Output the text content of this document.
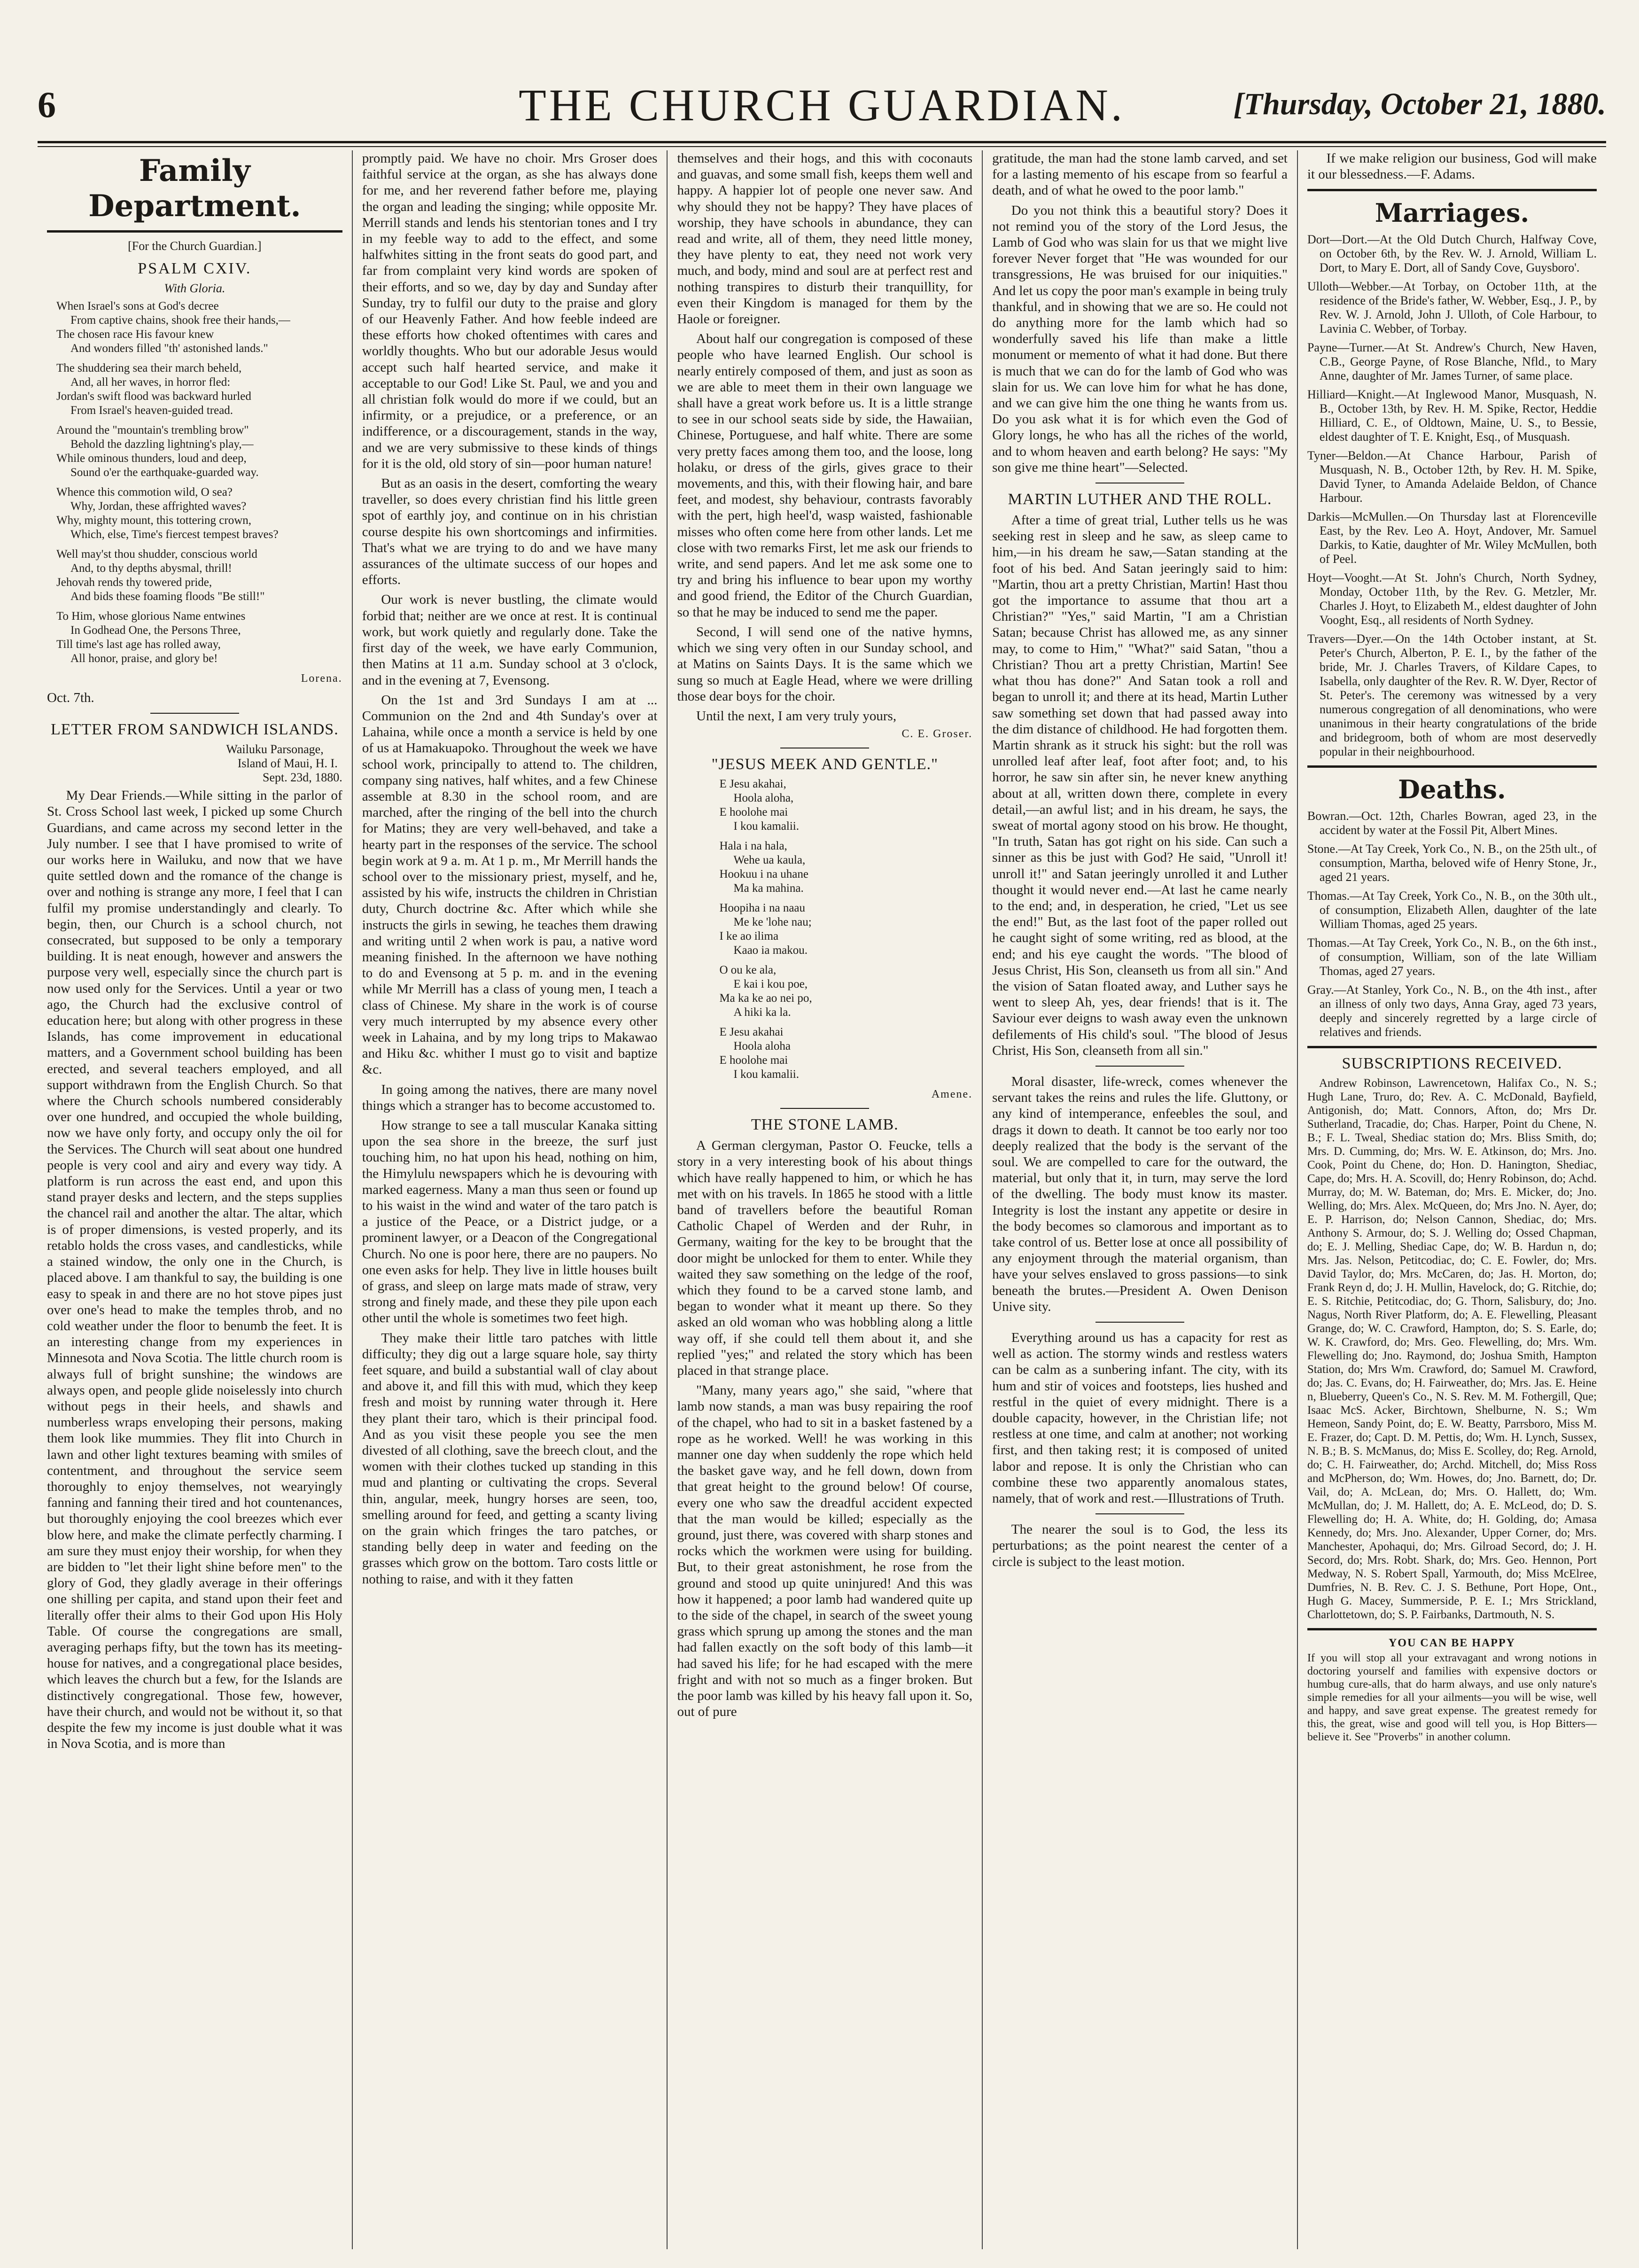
6	THE CHURCH GUARDIAN.	[Thursday, October 21, 1880.
Family Department.
[For the Church Guardian.]
PSALM CXIV.
With Gloria.
When Israel's sons at God's decree
From captive chains, shook free their hands,—
The chosen race His favour knew
And wonders filled "th' astonished lands."
The shuddering sea their march beheld,
And, all her waves, in horror fled:
Jordan's swift flood was backward hurled
From Israel's heaven-guided tread.
Around the "mountain's trembling brow"
Behold the dazzling lightning's play,—
While ominous thunders, loud and deep,
Sound o'er the earthquake-guarded way.
Whence this commotion wild, O sea?
Why, Jordan, these affrighted waves?
Why, mighty mount, this tottering crown,
Which, else, Time's fiercest tempest braves?
Well may'st thou shudder, conscious world
And, to thy depths abysmal, thrill!
Jehovah rends thy towered pride,
And bids these foaming floods "Be still!"
To Him, whose glorious Name entwines
In Godhead One, the Persons Three,
Till time's last age has rolled away,
All honor, praise, and glory be!
Lorena.
Oct. 7th.
LETTER FROM SANDWICH ISLANDS.
Wailuku Parsonage,
Island of Maui, H. I.
Sept. 23d, 1880.

My Dear Friends.—While sitting in the parlor of St. Cross School last week, I picked up some Church Guardians, and came across my second letter in the July number. I see that I have promised to write of our works here in Wailuku, and now that we have quite settled down and the romance of the change is over and nothing is strange any more, I feel that I can fulfil my promise understandingly and clearly. To begin, then, our Church is a school church, not consecrated, but supposed to be only a temporary building. It is neat enough, however and answers the purpose very well, especially since the church part is now used only for the Services. Until a year or two ago, the Church had the exclusive control of education here; but along with other progress in these Islands, has come improvement in educational matters, and a Government school building has been erected, and several teachers employed, and all support withdrawn from the English Church. So that where the Church schools numbered considerably over one hundred, and occupied the whole building, now we have only forty, and occupy only the oil for the Services. The Church will seat about one hundred people is very cool and airy and every way tidy. A platform is run across the east end, and upon this stand prayer desks and lectern, and the steps supplies the chancel rail and another the altar. The altar, which is of proper dimensions, is vested properly, and its retablo holds the cross vases, and candlesticks, while a stained window, the only one in the Church, is placed above. I am thankful to say, the building is one easy to speak in and there are no hot stove pipes just over one's head to make the temples throb, and no cold weather under the floor to benumb the feet. It is an interesting change from my experiences in Minnesota and Nova Scotia. The little church room is always full of bright sunshine; the windows are always open, and people glide noiselessly into church without pegs in their heels, and shawls and numberless wraps enveloping their persons, making them look like mummies. They flit into Church in lawn and other light textures beaming with smiles of contentment, and throughout the service seem thoroughly to enjoy themselves, not wearyingly fanning and fanning their tired and hot countenances, but thoroughly enjoying the cool breezes which ever blow here, and make the climate perfectly charming. I am sure they must enjoy their worship, for when they are bidden to "let their light shine before men" to the glory of God, they gladly average in their offerings one shilling per capita, and stand upon their feet and literally offer their alms to their God upon His Holy Table. Of course the congregations are small, averaging perhaps fifty, but the town has its meeting-house for natives, and a congregational place besides, which leaves the church but a few, for the Islands are distinctively congregational. Those few, however, have their church, and would not be without it, so that despite the few my income is just double what it was in Nova Scotia, and is more than

promptly paid. We have no choir. Mrs Groser does faithful service at the organ, as she has always done for me, and her reverend father before me, playing the organ and leading the singing; while opposite Mr. Merrill stands and lends his stentorian tones and I try in my feeble way to add to the effect, and some halfwhites sitting in the front seats do good part, and far from complaint very kind words are spoken of their efforts, and so we, day by day and Sunday after Sunday, try to fulfil our duty to the praise and glory of our Heavenly Father. And how feeble indeed are these efforts how choked oftentimes with cares and worldly thoughts. Who but our adorable Jesus would accept such half hearted service, and make it acceptable to our God! Like St. Paul, we and you and all christian folk would do more if we could, but an infirmity, or a prejudice, or a preference, or an indifference, or a discouragement, stands in the way, and we are very submissive to these kinds of things for it is the old, old story of sin—poor human nature!

But as an oasis in the desert, comforting the weary traveller, so does every christian find his little green spot of earthly joy, and continue on in his christian course despite his own shortcomings and infirmities. That's what we are trying to do and we have many assurances of the ultimate success of our hopes and efforts.

Our work is never bustling, the climate would forbid that; neither are we once at rest. It is continual work, but work quietly and regularly done. Take the first day of the week, we have early Communion, then Matins at 11 a.m. Sunday school at 3 o'clock, and in the evening at 7, Evensong.

On the 1st and 3rd Sundays I am at ... Communion on the 2nd and 4th Sunday's over at Lahaina, while once a month a service is held by one of us at Hamakuapoko. Throughout the week we have school work, principally to attend to. The children, company sing natives, half whites, and a few Chinese assemble at 8.30 in the school room, and are marched, after the ringing of the bell into the church for Matins; they are very well-behaved, and take a hearty part in the responses of the service. The school begin work at 9 a. m. At 1 p. m., Mr Merrill hands the school over to the missionary priest, myself, and he, assisted by his wife, instructs the children in Christian duty, Church doctrine &c. After which while she instructs the girls in sewing, he teaches them drawing and writing until 2 when work is pau, a native word meaning finished. In the afternoon we have nothing to do and Evensong at 5 p. m. and in the evening while Mr Merrill has a class of young men, I teach a class of Chinese. My share in the work is of course very much interrupted by my absence every other week in Lahaina, and by my long trips to Makawao and Hiku &c. whither I must go to visit and baptize &c.

In going among the natives, there are many novel things which a stranger has to become accustomed to.

How strange to see a tall muscular Kanaka sitting upon the sea shore in the breeze, the surf just touching him, no hat upon his head, nothing on him, the Himylulu newspapers which he is devouring with marked eagerness. Many a man thus seen or found up to his waist in the wind and water of the taro patch is a justice of the Peace, or a District judge, or a prominent lawyer, or a Deacon of the Congregational Church. No one is poor here, there are no paupers. No one even asks for help. They live in little houses built of grass, and sleep on large mats made of straw, very strong and finely made, and these they pile upon each other until the whole is sometimes two feet high.

They make their little taro patches with little difficulty; they dig out a large square hole, say thirty feet square, and build a substantial wall of clay about and above it, and fill this with mud, which they keep fresh and moist by running water through it. Here they plant their taro, which is their principal food. And as you visit these people you see the men divested of all clothing, save the breech clout, and the women with their clothes tucked up standing in this mud and planting or cultivating the crops. Several thin, angular, meek, hungry horses are seen, too, smelling around for feed, and getting a scanty living on the grain which fringes the taro patches, or standing belly deep in water and feeding on the grasses which grow on the bottom. Taro costs little or nothing to raise, and with it they fatten

themselves and their hogs, and this with coconauts and guavas, and some small fish, keeps them well and happy. A happier lot of people one never saw. And why should they not be happy? They have places of worship, they have schools in abundance, they can read and write, all of them, they need little money, they have plenty to eat, they need not work very much, and body, mind and soul are at perfect rest and nothing transpires to disturb their tranquillity, for even their Kingdom is managed for them by the Haole or foreigner.

About half our congregation is composed of these people who have learned English. Our school is nearly entirely composed of them, and just as soon as we are able to meet them in their own language we shall have a great work before us. It is a little strange to see in our school seats side by side, the Hawaiian, Chinese, Portuguese, and half white. There are some very pretty faces among them too, and the loose, long holaku, or dress of the girls, gives grace to their movements, and this, with their flowing hair, and bare feet, and modest, shy behaviour, contrasts favorably with the pert, high heel'd, wasp waisted, fashionable misses who often come here from other lands. Let me close with two remarks First, let me ask our friends to write, and send papers. And let me ask some one to try and bring his influence to bear upon my worthy and good friend, the Editor of the Church Guardian, so that he may be induced to send me the paper.

Second, I will send one of the native hymns, which we sing very often in our Sunday school, and at Matins on Saints Days. It is the same which we sung so much at Eagle Head, where we were drilling those dear boys for the choir.

Until the next, I am very truly yours,

C. E. Groser.
"JESUS MEEK AND GENTLE."
E Jesu akahai,
Hoola aloha,
E hoolohe mai
I kou kamalii.
Hala i na hala,
Wehe ua kaula,
Hookuu i na uhane
Ma ka mahina.
Hoopiha i na naau
Me ke 'lohe nau;
I ke ao ilima
Kaao ia makou.
O ou ke ala,
E kai i kou poe,
Ma ka ke ao nei po,
A hiki ka la.
E Jesu akahai
Hoola aloha
E hoolohe mai
I kou kamalii.
Amene.
THE STONE LAMB.

A German clergyman, Pastor O. Feucke, tells a story in a very interesting book of his about things which have really happened to him, or which he has met with on his travels. In 1865 he stood with a little band of travellers before the beautiful Roman Catholic Chapel of Werden and der Ruhr, in Germany, waiting for the key to be brought that the door might be unlocked for them to enter. While they waited they saw something on the ledge of the roof, which they found to be a carved stone lamb, and began to wonder what it meant up there. So they asked an old woman who was hobbling along a little way off, if she could tell them about it, and she replied "yes;" and related the story which has been placed in that strange place.

"Many, many years ago," she said, "where that lamb now stands, a man was busy repairing the roof of the chapel, who had to sit in a basket fastened by a rope as he worked. Well! he was working in this manner one day when suddenly the rope which held the basket gave way, and he fell down, down from that great height to the ground below! Of course, every one who saw the dreadful accident expected that the man would be killed; especially as the ground, just there, was covered with sharp stones and rocks which the workmen were using for building. But, to their great astonishment, he rose from the ground and stood up quite uninjured! And this was how it happened; a poor lamb had wandered quite up to the side of the chapel, in search of the sweet young grass which sprung up among the stones and the man had fallen exactly on the soft body of this lamb—it had saved his life; for he had escaped with the mere fright and with not so much as a finger broken. But the poor lamb was killed by his heavy fall upon it. So, out of pure

gratitude, the man had the stone lamb carved, and set for a lasting memento of his escape from so fearful a death, and of what he owed to the poor lamb."

Do you not think this a beautiful story? Does it not remind you of the story of the Lord Jesus, the Lamb of God who was slain for us that we might live forever Never forget that "He was wounded for our transgressions, He was bruised for our iniquities." And let us copy the poor man's example in being truly thankful, and in showing that we are so. He could not do anything more for the lamb which had so wonderfully saved his life than make a little monument or memento of what it had done. But there is much that we can do for the lamb of God who was slain for us. We can love him for what he has done, and we can give him the one thing he wants from us. Do you ask what it is for which even the God of Glory longs, he who has all the riches of the world, and to whom heaven and earth belong? He says: "My son give me thine heart"—Selected.

MARTIN LUTHER AND THE ROLL.

After a time of great trial, Luther tells us he was seeking rest in sleep and he saw, as sleep came to him,—in his dream he saw,—Satan standing at the foot of his bed. And Satan jeeringly said to him: "Martin, thou art a pretty Christian, Martin! Hast thou got the importance to assume that thou art a Christian?" "Yes," said Martin, "I am a Christian Satan; because Christ has allowed me, as any sinner may, to come to Him," "What?" said Satan, "thou a Christian? Thou art a pretty Christian, Martin! See what thou has done?" And Satan took a roll and began to unroll it; and there at its head, Martin Luther saw something set down that had passed away into the dim distance of childhood. He had forgotten them. Martin shrank as it struck his sight: but the roll was unrolled leaf after leaf, foot after foot; and, to his horror, he saw sin after sin, he never knew anything about at all, written down there, complete in every detail,—an awful list; and in his dream, he says, the sweat of mortal agony stood on his brow. He thought, "In truth, Satan has got right on his side. Can such a sinner as this be just with God? He said, "Unroll it! unroll it!" and Satan jeeringly unrolled it and Luther thought it would never end.—At last he came nearly to the end; and, in desperation, he cried, "Let us see the end!" But, as the last foot of the paper rolled out he caught sight of some writing, red as blood, at the end; and his eye caught the words. "The blood of Jesus Christ, His Son, cleanseth us from all sin." And the vision of Satan floated away, and Luther says he went to sleep Ah, yes, dear friends! that is it. The Saviour ever deigns to wash away even the unknown defilements of His child's soul. "The blood of Jesus Christ, His Son, cleanseth from all sin."

Moral disaster, life-wreck, comes whenever the servant takes the reins and rules the life. Gluttony, or any kind of intemperance, enfeebles the soul, and drags it down to death. It cannot be too early nor too deeply realized that the body is the servant of the soul. We are compelled to care for the outward, the material, but only that it, in turn, may serve the lord of the dwelling. The body must know its master. Integrity is lost the instant any appetite or desire in the body becomes so clamorous and important as to take control of us. Better lose at once all possibility of any enjoyment through the material organism, than have your selves enslaved to gross passions—to sink beneath the brutes.—President A. Owen Denison Unive sity.

Everything around us has a capacity for rest as well as action. The stormy winds and restless waters can be calm as a sunbering infant. The city, with its hum and stir of voices and footsteps, lies hushed and restful in the quiet of every midnight. There is a double capacity, however, in the Christian life; not restless at one time, and calm at another; not working first, and then taking rest; it is composed of united labor and repose. It is only the Christian who can combine these two apparently anomalous states, namely, that of work and rest.—Illustrations of Truth.

The nearer the soul is to God, the less its perturbations; as the point nearest the center of a circle is subject to the least motion.

If we make religion our business, God will make it our blessedness.—F. Adams.

Marriages.
Dort—Dort.—At the Old Dutch Church, Halfway Cove, on October 6th, by the Rev. W. J. Arnold, William L. Dort, to Mary E. Dort, all of Sandy Cove, Guysboro'.
Ulloth—Webber.—At Torbay, on October 11th, at the residence of the Bride's father, W. Webber, Esq., J. P., by Rev. W. J. Arnold, John J. Ulloth, of Cole Harbour, to Lavinia C. Webber, of Torbay.
Payne—Turner.—At St. Andrew's Church, New Haven, C.B., George Payne, of Rose Blanche, Nfld., to Mary Anne, daughter of Mr. James Turner, of same place.
Hilliard—Knight.—At Inglewood Manor, Musquash, N. B., October 13th, by Rev. H. M. Spike, Rector, Heddie Hilliard, C. E., of Oldtown, Maine, U. S., to Bessie, eldest daughter of T. E. Knight, Esq., of Musquash.
Tyner—Beldon.—At Chance Harbour, Parish of Musquash, N. B., October 12th, by Rev. H. M. Spike, David Tyner, to Amanda Adelaide Beldon, of Chance Harbour.
Darkis—McMullen.—On Thursday last at Florenceville East, by the Rev. Leo A. Hoyt, Andover, Mr. Samuel Darkis, to Katie, daughter of Mr. Wiley McMullen, both of Peel.
Hoyt—Vooght.—At St. John's Church, North Sydney, Monday, October 11th, by the Rev. G. Metzler, Mr. Charles J. Hoyt, to Elizabeth M., eldest daughter of John Vooght, Esq., all residents of North Sydney.
Travers—Dyer.—On the 14th October instant, at St. Peter's Church, Alberton, P. E. I., by the father of the bride, Mr. J. Charles Travers, of Kildare Capes, to Isabella, only daughter of the Rev. R. W. Dyer, Rector of St. Peter's. The ceremony was witnessed by a very numerous congregation of all denominations, who were unanimous in their hearty congratulations of the bride and bridegroom, both of whom are most deservedly popular in their neighbourhood.
Deaths.
Bowran.—Oct. 12th, Charles Bowran, aged 23, in the accident by water at the Fossil Pit, Albert Mines.
Stone.—At Tay Creek, York Co., N. B., on the 25th ult., of consumption, Martha, beloved wife of Henry Stone, Jr., aged 21 years.
Thomas.—At Tay Creek, York Co., N. B., on the 30th ult., of consumption, Elizabeth Allen, daughter of the late William Thomas, aged 25 years.
Thomas.—At Tay Creek, York Co., N. B., on the 6th inst., of consumption, William, son of the late William Thomas, aged 27 years.
Gray.—At Stanley, York Co., N. B., on the 4th inst., after an illness of only two days, Anna Gray, aged 73 years, deeply and sincerely regretted by a large circle of relatives and friends.
SUBSCRIPTIONS RECEIVED.
Andrew Robinson, Lawrencetown, Halifax Co., N. S.; Hugh Lane, Truro, do; Rev. A. C. McDonald, Bayfield, Antigonish, do; Matt. Connors, Afton, do; Mrs Dr. Sutherland, Tracadie, do; Chas. Harper, Point du Chene, N. B.; F. L. Tweal, Shediac station do; Mrs. Bliss Smith, do; Mrs. D. Cumming, do; Mrs. W. E. Atkinson, do; Mrs. Jno. Cook, Point du Chene, do; Hon. D. Hanington, Shediac, Cape, do; Mrs. H. A. Scovill, do; Henry Robinson, do; Achd. Murray, do; M. W. Bateman, do; Mrs. E. Micker, do; Jno. Welling, do; Mrs. Alex. McQueen, do; Mrs Jno. N. Ayer, do; E. P. Harrison, do; Nelson Cannon, Shediac, do; Mrs. Anthony S. Armour, do; S. J. Welling do; Ossed Chapman, do; E. J. Melling, Shediac Cape, do; W. B. Hardun n, do; Mrs. Jas. Nelson, Petitcodiac, do; C. E. Fowler, do; Mrs. David Taylor, do; Mrs. McCaren, do; Jas. H. Morton, do; Frank Reyn d, do; J. H. Mullin, Havelock, do; G. Ritchie, do; E. S. Ritchie, Petitcodiac, do; G. Thorn, Salisbury, do; Jno. Nagus, North River Platform, do; A. E. Flewelling, Pleasant Grange, do; W. C. Crawford, Hampton, do; S. S. Earle, do; W. K. Crawford, do; Mrs. Geo. Flewelling, do; Mrs. Wm. Flewelling do; Jno. Raymond, do; Joshua Smith, Hampton Station, do; Mrs Wm. Crawford, do; Samuel M. Crawford, do; Jas. C. Evans, do; H. Fairweather, do; Mrs. Jas. E. Heine n, Blueberry, Queen's Co., N. S. Rev. M. M. Fothergill, Que; Isaac McS. Acker, Birchtown, Shelburne, N. S.; Wm Hemeon, Sandy Point, do; E. W. Beatty, Parrsboro, Miss M. E. Frazer, do; Capt. D. M. Pettis, do; Wm. H. Lynch, Sussex, N. B.; B. S. McManus, do; Miss E. Scolley, do; Reg. Arnold, do; C. H. Fairweather, do; Archd. Mitchell, do; Miss Ross and McPherson, do; Wm. Howes, do; Jno. Barnett, do; Dr. Vail, do; A. McLean, do; Mrs. O. Hallett, do; Wm. McMullan, do; J. M. Hallett, do; A. E. McLeod, do; D. S. Flewelling do; H. A. White, do; H. Golding, do; Amasa Kennedy, do; Mrs. Jno. Alexander, Upper Corner, do; Mrs. Manchester, Apohaqui, do; Mrs. Gilroad Secord, do; J. H. Secord, do; Mrs. Robt. Shark, do; Mrs. Geo. Hennon, Port Medway, N. S. Robert Spall, Yarmouth, do; Miss McElree, Dumfries, N. B. Rev. C. J. S. Bethune, Port Hope, Ont., Hugh G. Macey, Summerside, P. E. I.; Mrs Strickland, Charlottetown, do; S. P. Fairbanks, Dartmouth, N. S.
YOU CAN BE HAPPY
If you will stop all your extravagant and wrong notions in doctoring yourself and families with expensive doctors or humbug cure-alls, that do harm always, and use only nature's simple remedies for all your ailments—you will be wise, well and happy, and save great expense. The greatest remedy for this, the great, wise and good will tell you, is Hop Bitters—believe it. See "Proverbs" in another column.
